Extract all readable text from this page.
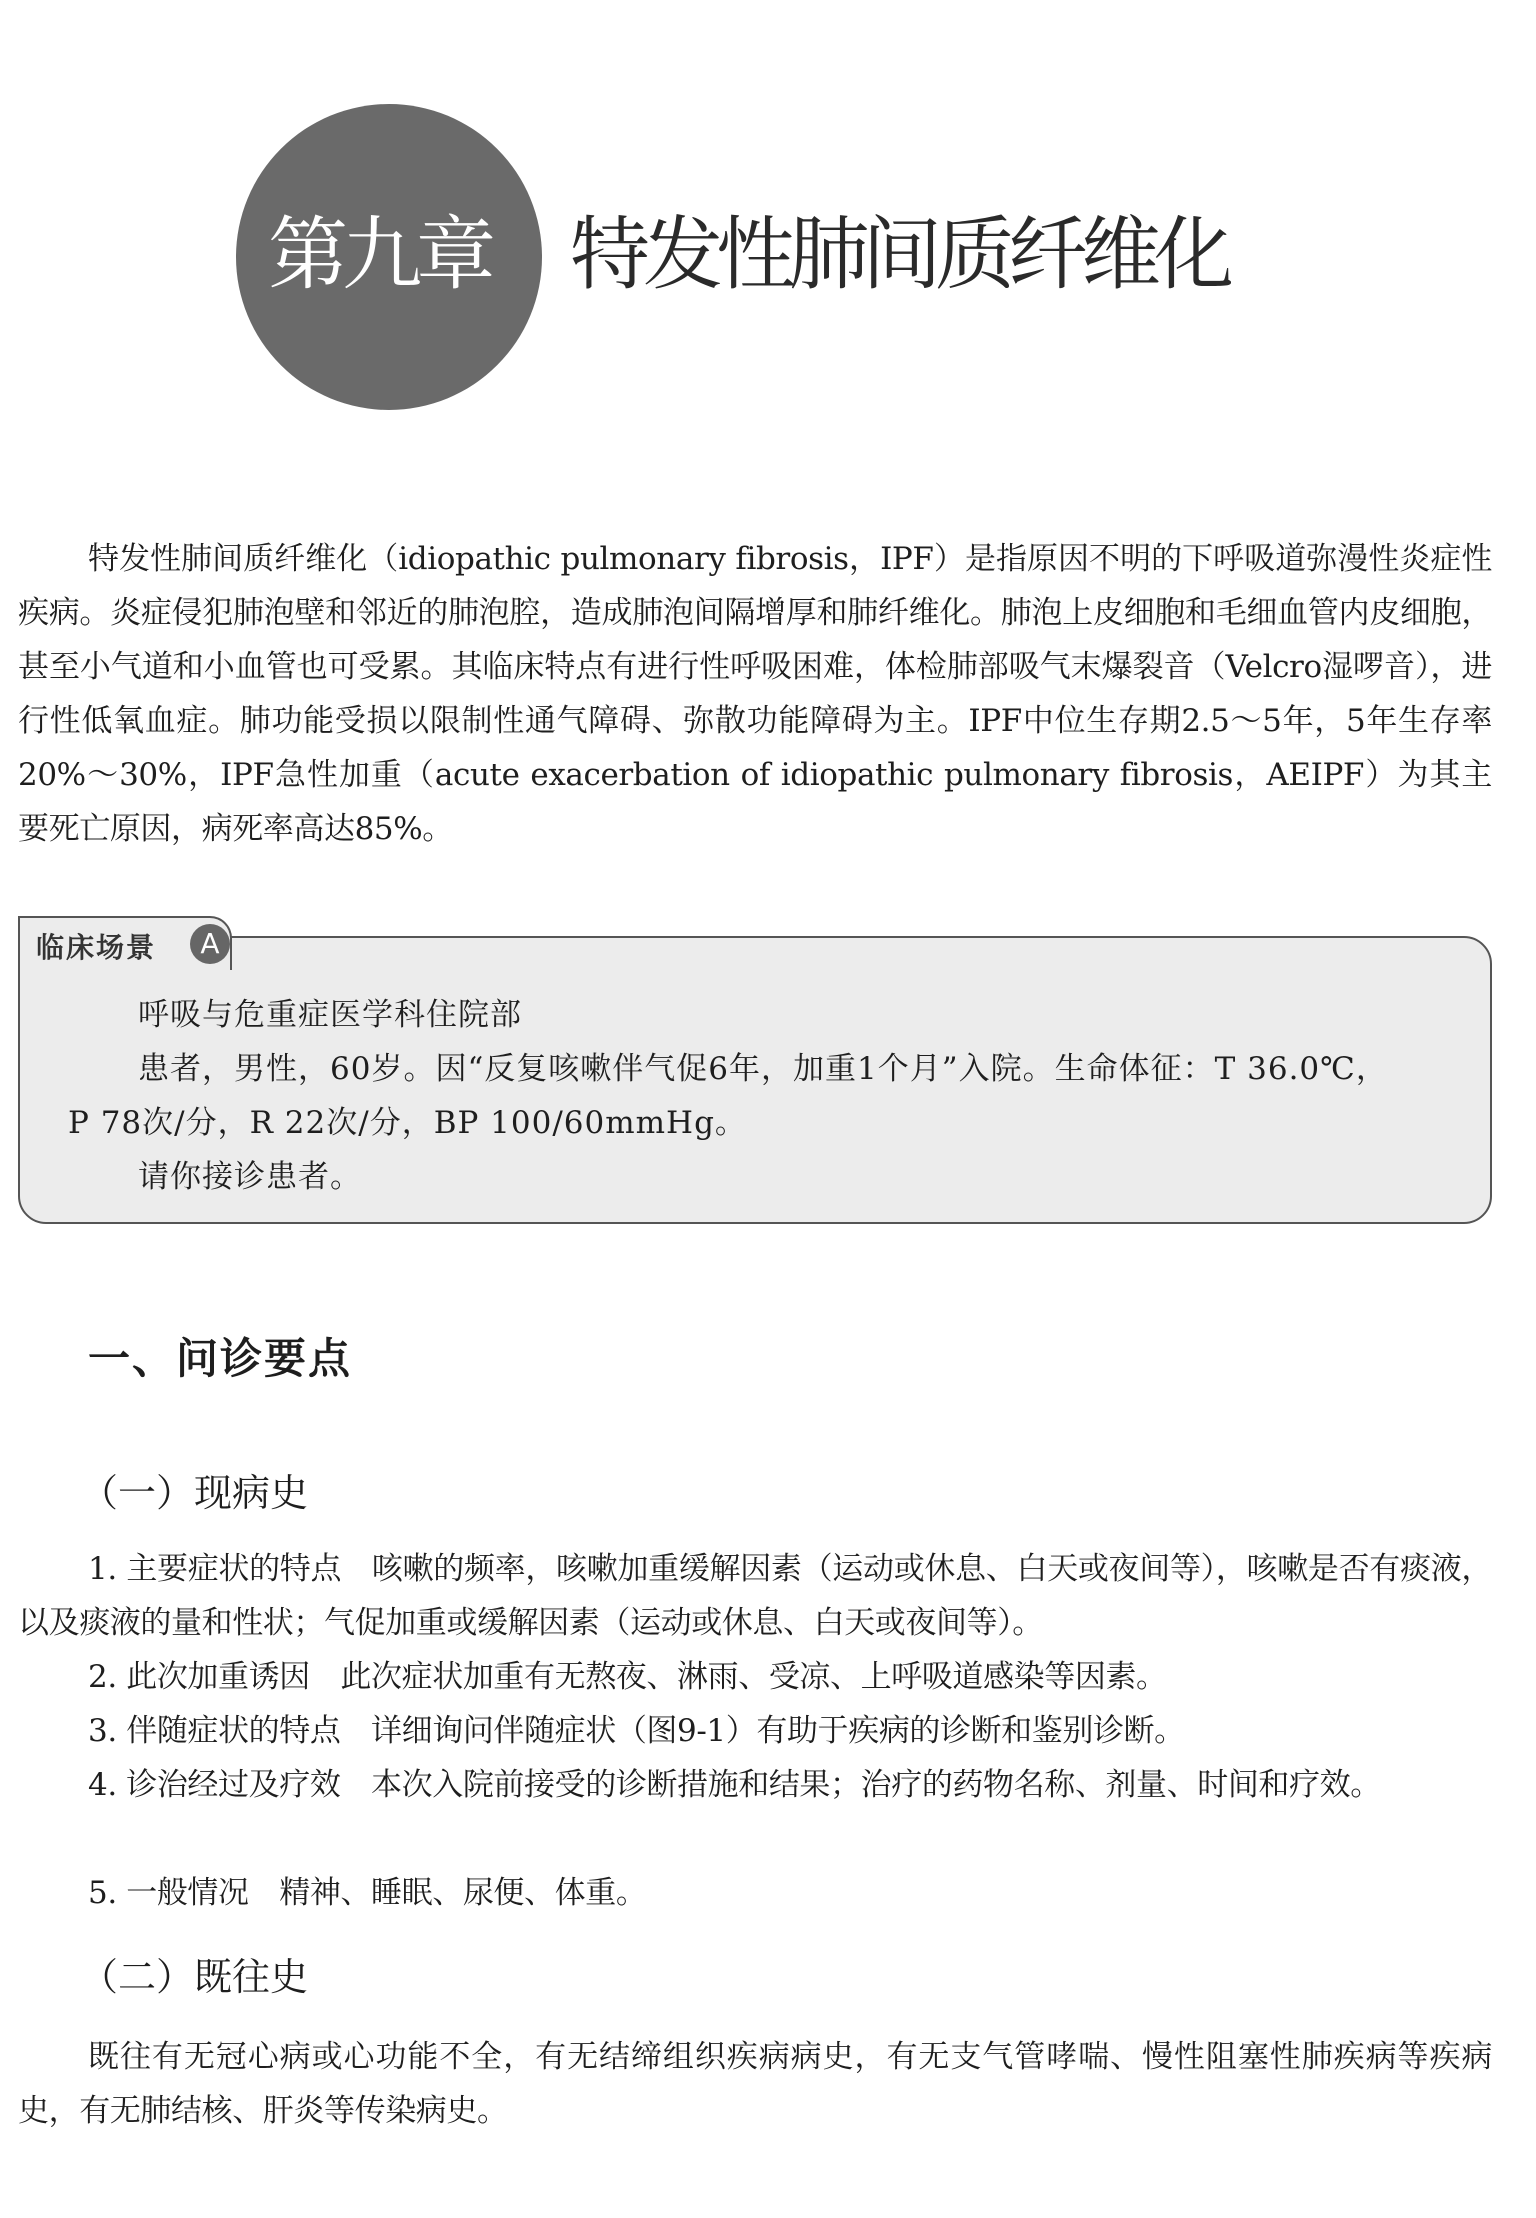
第九章	特发性肺间质纤维化

特发性肺间质纤维化（idiopathic pulmonary fibrosis，IPF）是指原因不明的下呼吸道弥漫性炎症性疾病。炎症侵犯肺泡壁和邻近的肺泡腔，造成肺泡间隔增厚和肺纤维化。肺泡上皮细胞和毛细血管内皮细胞，甚至小气道和小血管也可受累。其临床特点有进行性呼吸困难，体检肺部吸气末爆裂音（Velcro湿啰音），进行性低氧血症。肺功能受损以限制性通气障碍、弥散功能障碍为主。IPF中位生存期2.5～5年，5年生存率20%～30%，IPF急性加重（acute exacerbation of idiopathic pulmonary fibrosis，AEIPF）为其主要死亡原因，病死率高达85%。

呼吸与危重症医学科住院部

患者，男性，60岁。因“反复咳嗽伴气促6年，加重1个月”入院。生命体征：T 36.0℃，

P 78次/分，R 22次/分，BP 100/60mmHg。

请你接诊患者。

临床场景	A
一、问诊要点
（一）现病史

1. 主要症状的特点　咳嗽的频率，咳嗽加重缓解因素（运动或休息、白天或夜间等），咳嗽是否有痰液，以及痰液的量和性状；气促加重或缓解因素（运动或休息、白天或夜间等）。

2. 此次加重诱因　此次症状加重有无熬夜、淋雨、受凉、上呼吸道感染等因素。

3. 伴随症状的特点　详细询问伴随症状（图9-1）有助于疾病的诊断和鉴别诊断。

4. 诊治经过及疗效　本次入院前接受的诊断措施和结果；治疗的药物名称、剂量、时间和疗效。

5. 一般情况　精神、睡眠、尿便、体重。

（二）既往史

既往有无冠心病或心功能不全，有无结缔组织疾病病史，有无支气管哮喘、慢性阻塞性肺疾病等疾病史，有无肺结核、肝炎等传染病史。
